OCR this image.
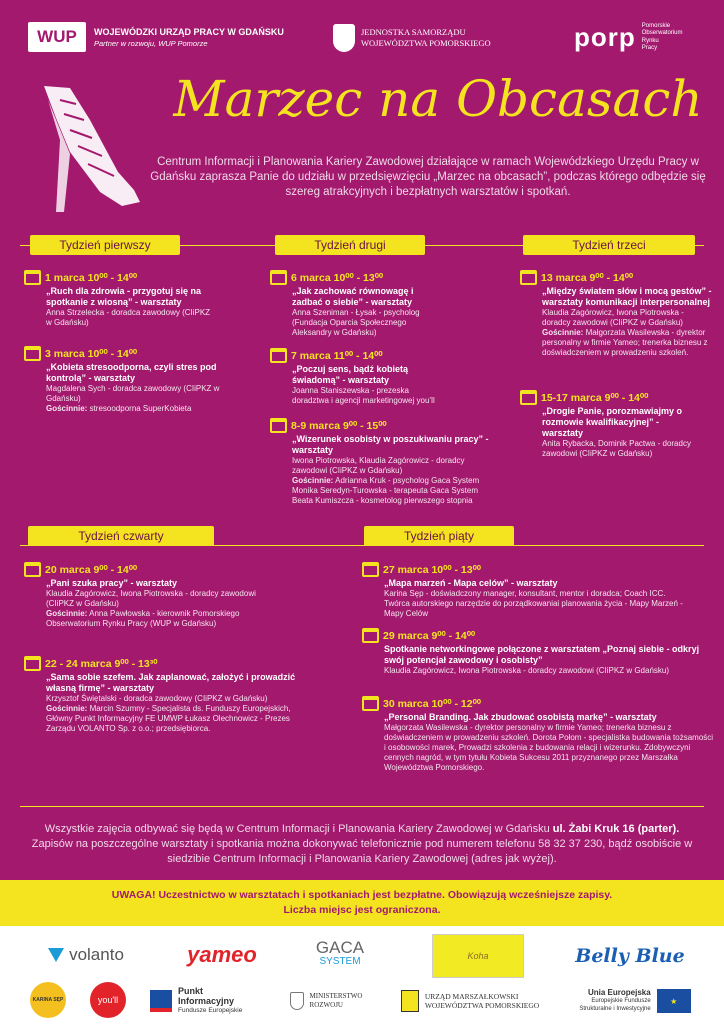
WUP	WOJEWÓDZKI URZĄD PRACY W GDAŃSKU
Partner w rozwoju, WUP Pomorze
JEDNOSTKA SAMORZĄDU
WOJEWÓDZTWA POMORSKIEGO	porp Pomorskie
Obserwatorium
Rynku
Pracy
Marzec na Obcasach
Centrum Informacji i Planowania Kariery Zawodowej działające w ramach Wojewódzkiego Urzędu Pracy w Gdańsku zaprasza Panie do udziału w przedsięwzięciu „Marzec na obcasach”, podczas którego odbędzie się szereg atrakcyjnych i bezpłatnych warsztatów i spotkań.
Tydzień pierwszy	Tydzień drugi	Tydzień trzeci
1 marca 10⁰⁰ - 14⁰⁰
„Ruch dla zdrowia - przygotuj się na spotkanie z wiosną” - warsztaty
Anna Strzelecka - doradca zawodowy (CIiPKZ w Gdańsku)
3 marca 10⁰⁰ - 14⁰⁰
„Kobieta stresoodporna, czyli stres pod kontrolą” - warsztaty
Magdalena Sych - doradca zawodowy (CIiPKZ w Gdańsku)
Gościnnie: stresoodporna SuperKobieta
6 marca 10⁰⁰ - 13⁰⁰
„Jak zachować równowagę i zadbać o siebie” - warsztaty
Anna Szeniman - Łysak - psycholog (Fundacja Oparcia Społecznego Aleksandry w Gdańsku)
7 marca 11⁰⁰ - 14⁰⁰
„Poczuj sens, bądź kobietą świadomą” - warsztaty
Joanna Staniszewska - prezeska doradztwa i agencji marketingowej you’ll
8-9 marca 9⁰⁰ - 15⁰⁰
„Wizerunek osobisty w poszukiwaniu pracy” - warsztaty
Iwona Piotrowska, Klaudia Zagórowicz - doradcy zawodowi (CIiPKZ w Gdańsku)
Gościnnie: Adrianna Kruk - psycholog Gaca System Monika Seredyn-Turowska - terapeuta Gaca System Beata Kumiszcza - kosmetolog pierwszego stopnia
13 marca 9⁰⁰ - 14⁰⁰
„Między światem słów i mocą gestów” - warsztaty komunikacji interpersonalnej
Klaudia Zagórowicz, Iwona Piotrowska - doradcy zawodowi (CIiPKZ w Gdańsku)
Gościnnie: Małgorzata Wasilewska - dyrektor personalny w firmie Yameo; trenerka biznesu z doświadczeniem w prowadzeniu szkoleń.
15-17 marca 9⁰⁰ - 14⁰⁰
„Drogie Panie, porozmawiajmy o rozmowie kwalifikacyjnej” - warsztaty
Anita Rybacka, Dominik Pactwa - doradcy zawodowi (CIiPKZ w Gdańsku)
Tydzień czwarty	Tydzień piąty
20 marca 9⁰⁰ - 14⁰⁰
„Pani szuka pracy” - warsztaty
Klaudia Zagórowicz, Iwona Piotrowska - doradcy zawodowi (CIiPKZ w Gdańsku)
Gościnnie: Anna Pawłowska - kierownik Pomorskiego Obserwatorium Rynku Pracy (WUP w Gdańsku)
22 - 24 marca 9⁰⁰ - 13³⁰
„Sama sobie szefem. Jak zaplanować, założyć i prowadzić własną firmę” - warsztaty
Krzysztof Świętalski - doradca zawodowy (CIiPKZ w Gdańsku)
Gościnnie: Marcin Szumny - Specjalista ds. Funduszy Europejskich, Główny Punkt Informacyjny FE UMWP Łukasz Olechnowicz - Prezes Zarządu VOLANTO Sp. z o.o.; przedsiębiorca.
27 marca 10⁰⁰ - 13⁰⁰
„Mapa marzeń - Mapa celów” - warsztaty
Karina Sęp - doświadczony manager, konsultant, mentor i doradca; Coach ICC. Twórca autorskiego narzędzie do porządkowaniai planowania życia - Mapy Marzeń - Mapy Celów
29 marca 9⁰⁰ - 14⁰⁰
Spotkanie networkingowe połączone z warsztatem „Poznaj siebie - odkryj swój potencjał zawodowy i osobisty”
Klaudia Zagórowicz, Iwona Piotrowska - doradcy zawodowi (CIiPKZ w Gdańsku)
30 marca 10⁰⁰ - 12⁰⁰
„Personal Branding. Jak zbudować osobistą markę” - warsztaty
Małgorzata Wasilewska - dyrektor personalny w firmie Yameo; trenerka biznesu z doświadczeniem w prowadzeniu szkoleń. Dorota Połom - specjalistka budowania tożsamości i osobowości marek, Prowadzi szkolenia z budowania relacji i wizerunku. Zdobywczyni cennych nagród, w tym tytułu Kobieta Sukcesu 2011 przyznanego przez Marszałka Województwa Pomorskiego.
Wszystkie zajęcia odbywać się będą w Centrum Informacji i Planowania Kariery Zawodowej w Gdańsku ul. Żabi Kruk 16 (parter).
Zapisów na poszczególne warsztaty i spotkania można dokonywać telefonicznie pod numerem telefonu 58 32 37 230, bądź osobiście w siedzibie Centrum Informacji i Planowania Kariery Zawodowej (adres jak wyżej).
UWAGA! Uczestnictwo w warsztatach i spotkaniach jest bezpłatne. Obowiązują wcześniejsze zapisy.
Liczba miejsc jest ograniczona.
volanto	yameo	GACA
SYSTEM	Koha	Belly Blue
KARINA SĘP	you'll
Punkt
Informacyjny
Fundusze Europejskie
MINISTERSTWO
ROZWOJU
URZĄD MARSZAŁKOWSKI
WOJEWÓDZTWA POMORSKIEGO
Unia Europejska
Europejskie Fundusze
Strukturalne i Inwestycyjne
★
